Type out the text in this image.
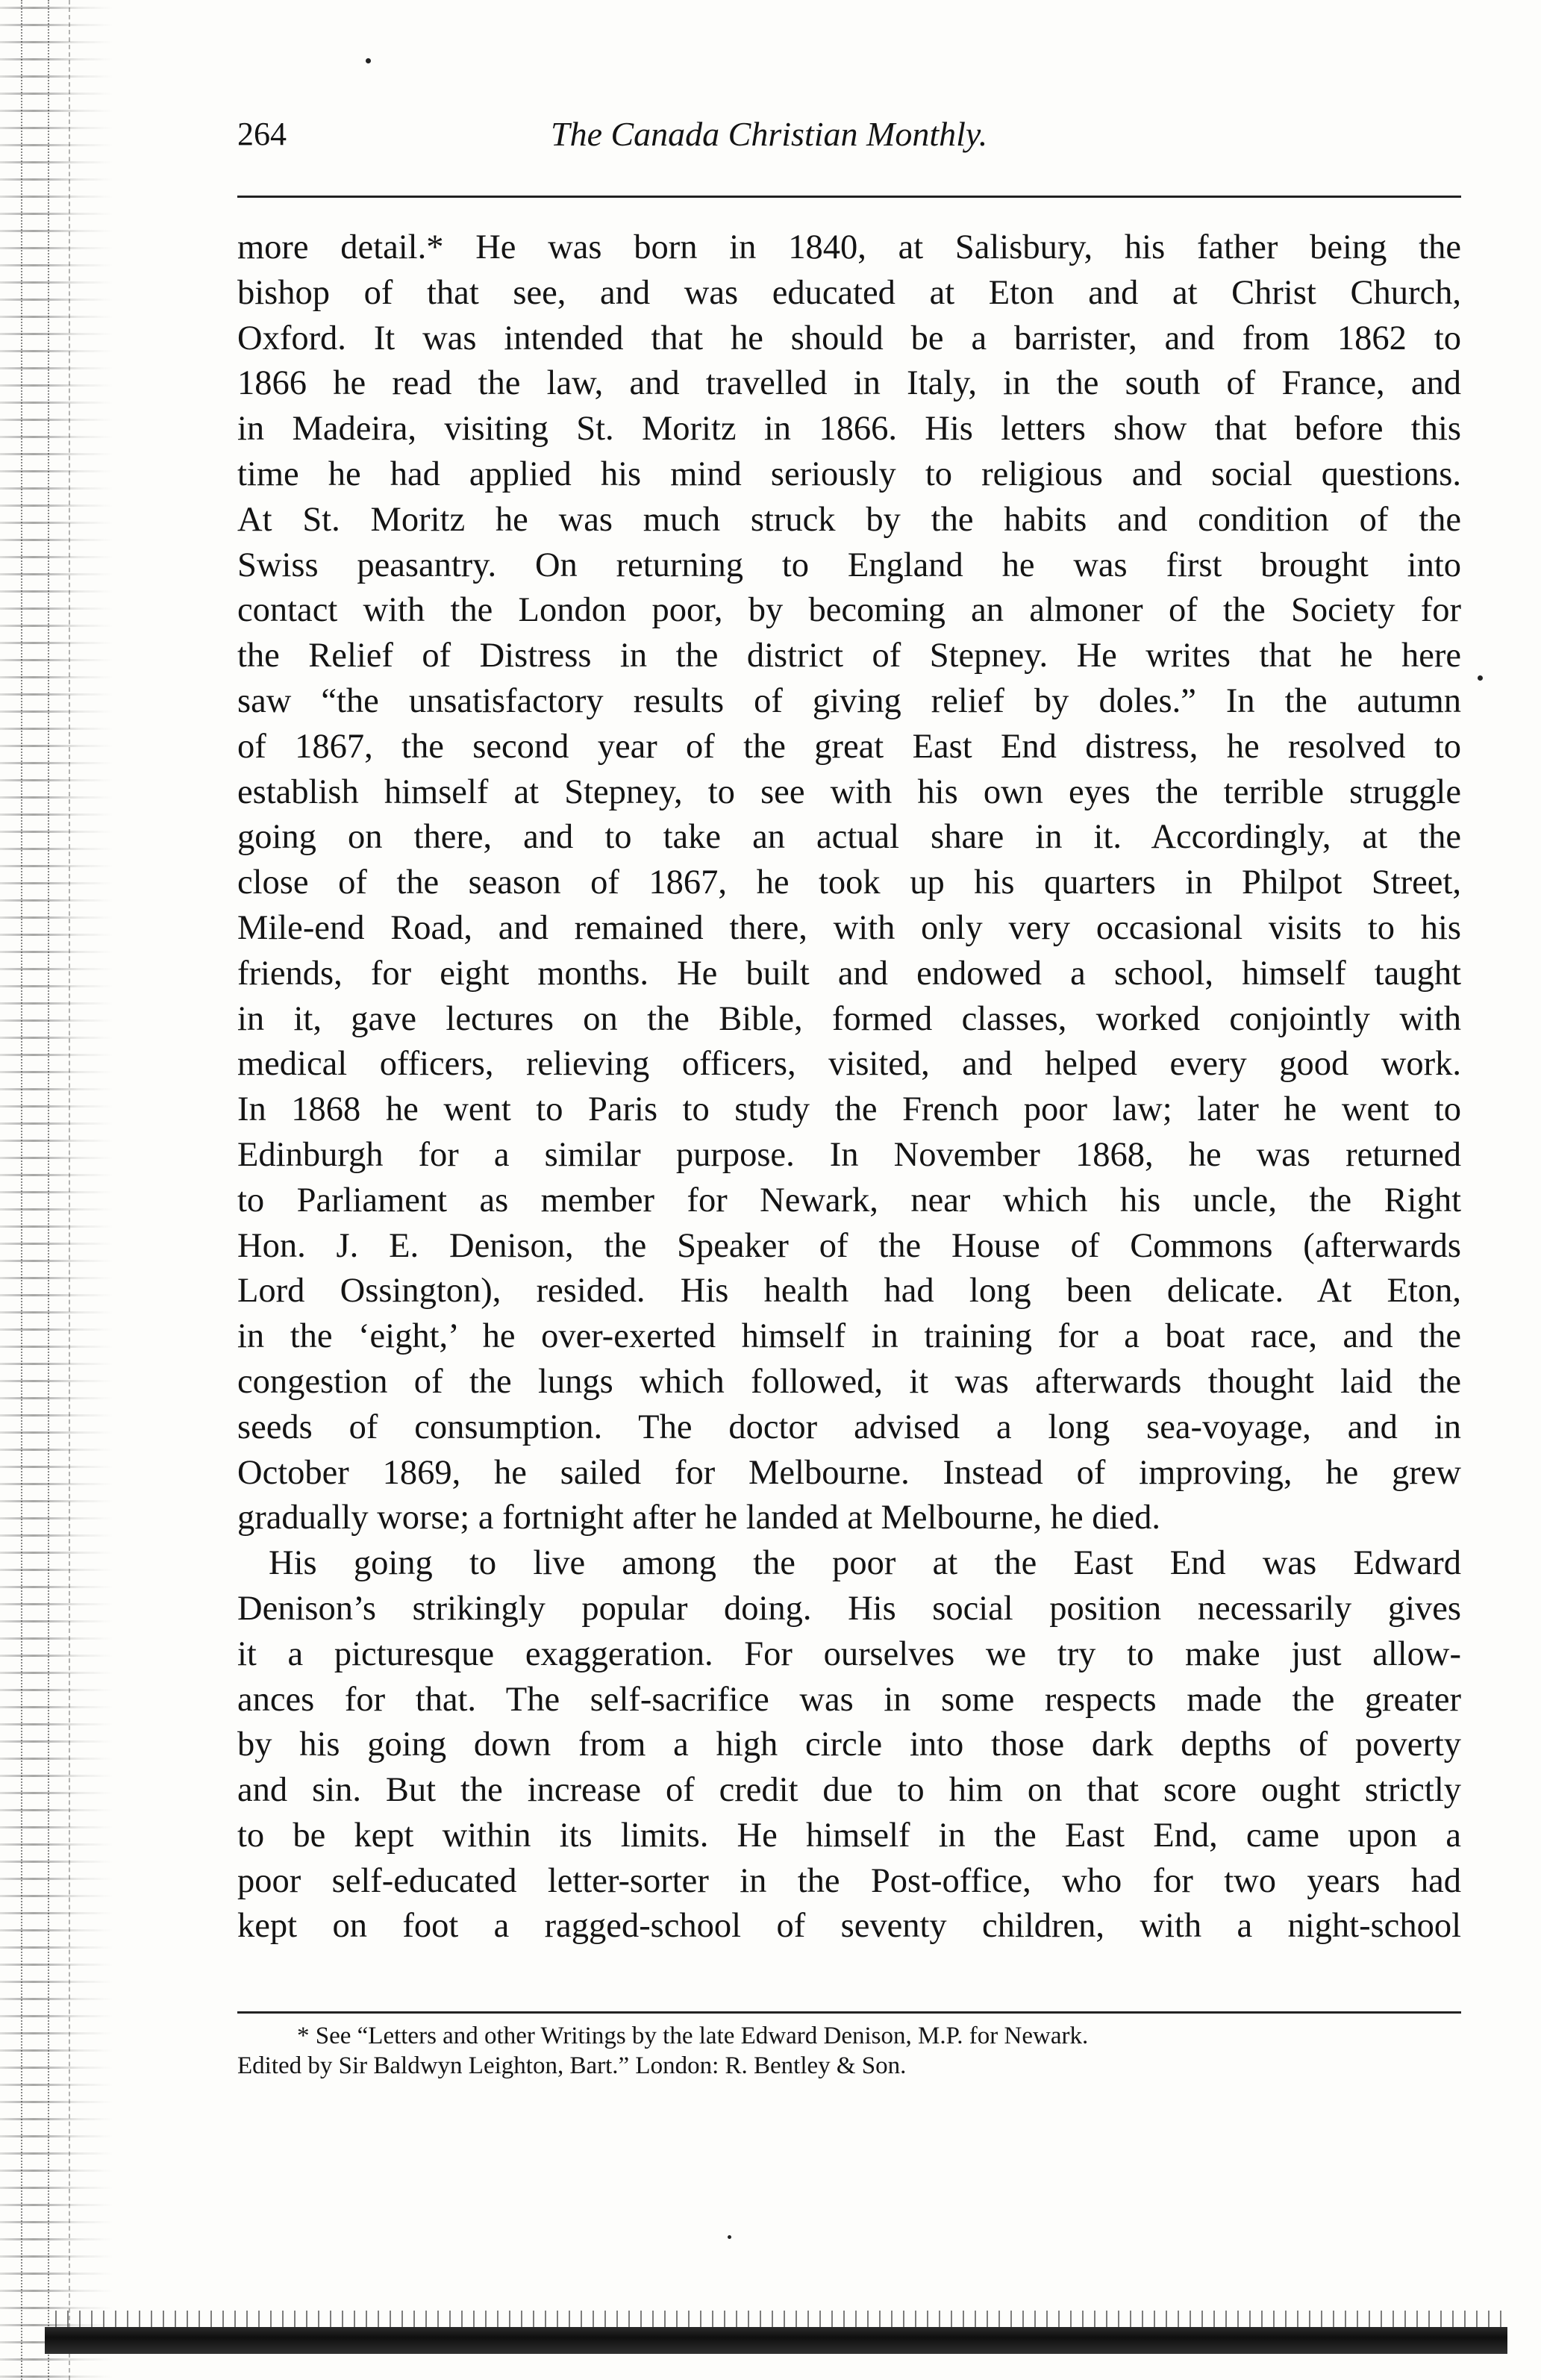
264	The Canada Christian Monthly.
more detail.* He was born in 1840, at Salisbury, his father being the
bishop of that see, and was educated at Eton and at Christ Church,
Oxford. It was intended that he should be a barrister, and from 1862 to
1866 he read the law, and travelled in Italy, in the south of France, and
in Madeira, visiting St. Moritz in 1866. His letters show that before this
time he had applied his mind seriously to religious and social questions.
At St. Moritz he was much struck by the habits and condition of the
Swiss peasantry. On returning to England he was first brought into
contact with the London poor, by becoming an almoner of the Society for
the Relief of Distress in the district of Stepney. He writes that he here
saw “the unsatisfactory results of giving relief by doles.” In the autumn
of 1867, the second year of the great East End distress, he resolved to
establish himself at Stepney, to see with his own eyes the terrible struggle
going on there, and to take an actual share in it. Accordingly, at the
close of the season of 1867, he took up his quarters in Philpot Street,
Mile-end Road, and remained there, with only very occasional visits to his
friends, for eight months. He built and endowed a school, himself taught
in it, gave lectures on the Bible, formed classes, worked conjointly with
medical officers, relieving officers, visited, and helped every good work.
In 1868 he went to Paris to study the French poor law; later he went to
Edinburgh for a similar purpose. In November 1868, he was returned
to Parliament as member for Newark, near which his uncle, the Right
Hon. J. E. Denison, the Speaker of the House of Commons (afterwards
Lord Ossington), resided. His health had long been delicate. At Eton,
in the ‘eight,’ he over-exerted himself in training for a boat race, and the
congestion of the lungs which followed, it was afterwards thought laid the
seeds of consumption. The doctor advised a long sea-voyage, and in
October 1869, he sailed for Melbourne. Instead of improving, he grew
gradually worse; a fortnight after he landed at Melbourne, he died.
His going to live among the poor at the East End was Edward
Denison’s strikingly popular doing. His social position necessarily gives
it a picturesque exaggeration. For ourselves we try to make just allow-
ances for that. The self-sacrifice was in some respects made the greater
by his going down from a high circle into those dark depths of poverty
and sin. But the increase of credit due to him on that score ought strictly
to be kept within its limits. He himself in the East End, came upon a
poor self-educated letter-sorter in the Post-office, who for two years had
kept on foot a ragged-school of seventy children, with a night-school
* See “Letters and other Writings by the late Edward Denison, M.P. for Newark.
Edited by Sir Baldwyn Leighton, Bart.” London: R. Bentley & Son.
